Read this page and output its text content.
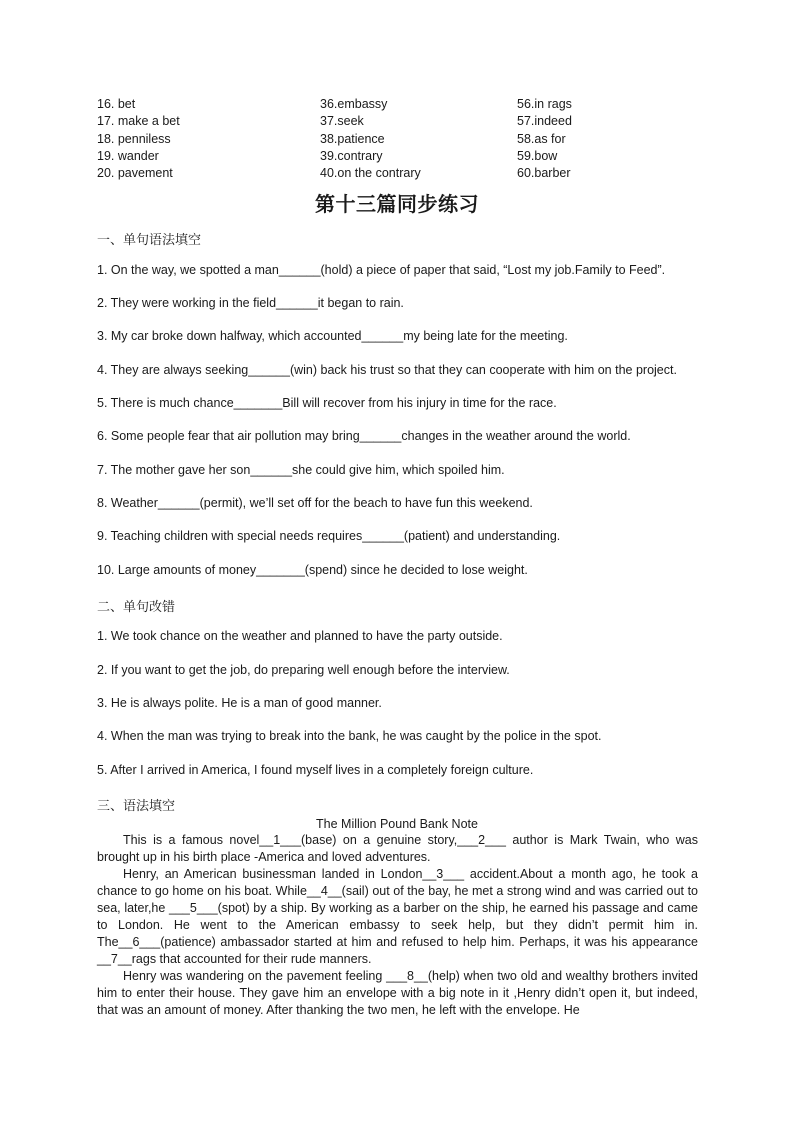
16. bet
17. make a bet
18. penniless
19. wander
20. pavement
36.embassy
37.seek
38.patience
39.contrary
40.on the contrary
56.in rags
57.indeed
58.as for
59.bow
60.barber
第十三篇同步练习
一、单句语法填空
1. On the way, we spotted a man______(hold) a piece of paper that said, “Lost my job.Family to Feed”.
2. They were working in the field______it began to rain.
3. My car broke down halfway, which accounted______my being late for the meeting.
4. They are always seeking______(win) back his trust so that they can cooperate with him on the project.
5. There is much chance_______Bill will recover from his injury in time for the race.
6. Some people fear that air pollution may bring______changes in the weather around the world.
7. The mother gave her son______she could give him, which spoiled him.
8. Weather______(permit), we’ll set off for the beach to have fun this weekend.
9. Teaching children with special needs requires______(patient) and understanding.
10. Large amounts of money_______(spend) since he decided to lose weight.
二、单句改错
1. We took chance on the weather and planned to have the party outside.
2. If you want to get the job, do preparing well enough before the interview.
3. He is always polite. He is a man of good manner.
4. When the man was trying to break into the bank, he was caught by the police in the spot.
5. After I arrived in America, I found myself lives in a completely foreign culture.
三、语法填空
The Million Pound Bank Note

This is a famous novel__1___(base) on a genuine story,___2___ author is Mark Twain, who was brought up in his birth place -America and loved adventures.

Henry, an American businessman landed in London__3___ accident.About a month ago, he took a chance to go home on his boat. While__4__(sail) out of the bay, he met a strong wind and was carried out to sea, later,he ___5___(spot) by a ship. By working as a barber on the ship, he earned his passage and came to London. He went to the American embassy to seek help, but they didn’t permit him in. The__6___(patience) ambassador started at him and refused to help him. Perhaps, it was his appearance __7__rags that accounted for their rude manners.

Henry was wandering on the pavement feeling ___8__(help) when two old and wealthy brothers invited him to enter their house. They gave him an envelope with a big note in it ,Henry didn’t open it, but indeed, that was an amount of money. After thanking the two men, he left with the envelope. He
